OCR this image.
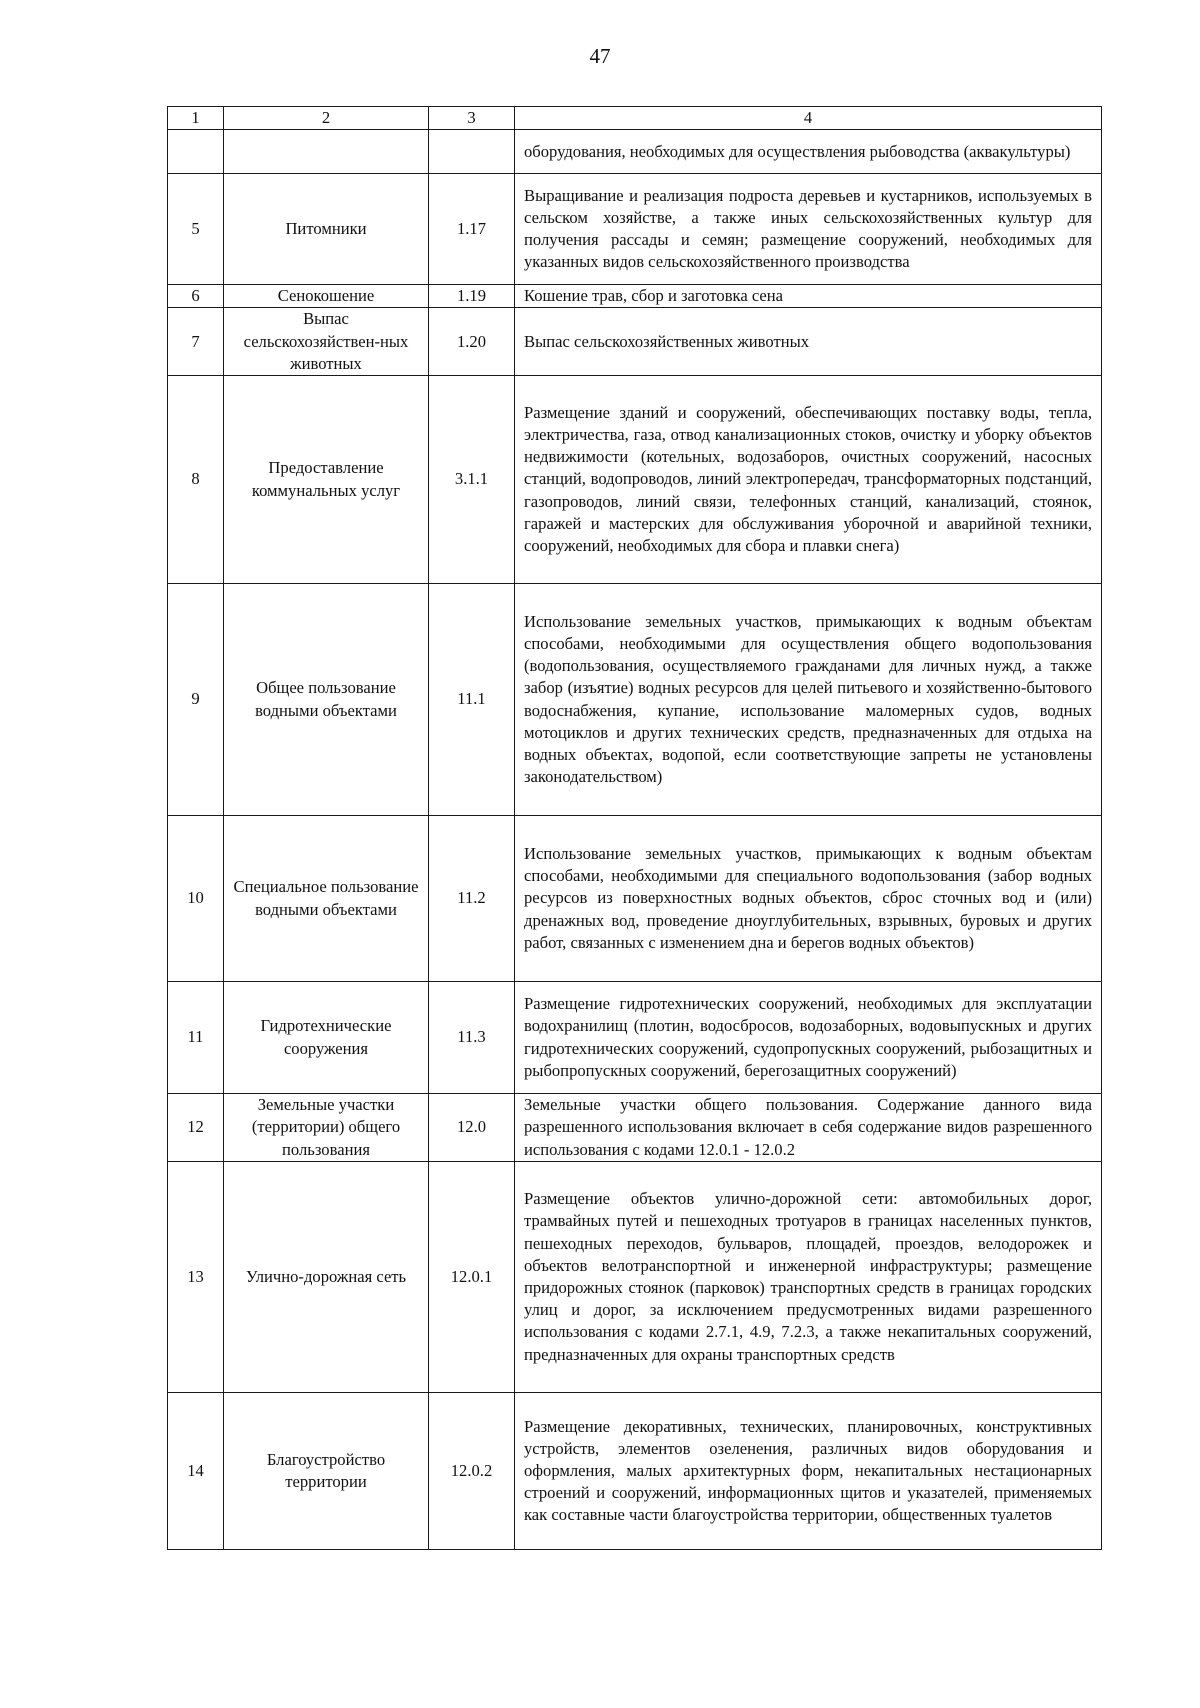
47
1	2	3	4
			оборудования, необходимых для осуществления рыбоводства (аквакультуры)
5	Питомники	1.17	Выращивание и реализация подроста деревьев и кустарников, используемых в сельском хозяйстве, а также иных сельскохозяйственных культур для получения рассады и семян; размещение сооружений, необходимых для указанных видов сельскохозяйственного производства
6	Сенокошение	1.19	Кошение трав, сбор и заготовка сена
7	Выпас сельскохозяйствен-ных животных	1.20	Выпас сельскохозяйственных животных
8	Предоставление коммунальных услуг	3.1.1	Размещение зданий и сооружений, обеспечивающих поставку воды, тепла, электричества, газа, отвод канализационных стоков, очистку и уборку объектов недвижимости (котельных, водозаборов, очистных сооружений, насосных станций, водопроводов, линий электропередач, трансформаторных подстанций, газопроводов, линий связи, телефонных станций, канализаций, стоянок, гаражей и мастерских для обслуживания уборочной и аварийной техники, сооружений, необходимых для сбора и плавки снега)
9	Общее пользование водными объектами	11.1	Использование земельных участков, примыкающих к водным объектам способами, необходимыми для осуществления общего водопользования (водопользования, осуществляемого гражданами для личных нужд, а также забор (изъятие) водных ресурсов для целей питьевого и хозяйственно-бытового водоснабжения, купание, использование маломерных судов, водных мотоциклов и других технических средств, предназначенных для отдыха на водных объектах, водопой, если соответствующие запреты не установлены законодательством)
10	Специальное пользование водными объектами	11.2	Использование земельных участков, примыкающих к водным объектам способами, необходимыми для специального водопользования (забор водных ресурсов из поверхностных водных объектов, сброс сточных вод и (или) дренажных вод, проведение дноуглубительных, взрывных, буровых и других работ, связанных с изменением дна и берегов водных объектов)
11	Гидротехнические сооружения	11.3	Размещение гидротехнических сооружений, необходимых для эксплуатации водохранилищ (плотин, водосбросов, водозаборных, водовыпускных и других гидротехнических сооружений, судопропускных сооружений, рыбозащитных и рыбопропускных сооружений, берегозащитных сооружений)
12	Земельные участки (территории) общего пользования	12.0	Земельные участки общего пользования. Содержание данного вида разрешенного использования включает в себя содержание видов разрешенного использования с кодами 12.0.1 - 12.0.2
13	Улично-дорожная сеть	12.0.1	Размещение объектов улично-дорожной сети: автомобильных дорог, трамвайных путей и пешеходных тротуаров в границах населенных пунктов, пешеходных переходов, бульваров, площадей, проездов, велодорожек и объектов велотранспортной и инженерной инфраструктуры; размещение придорожных стоянок (парковок) транспортных средств в границах городских улиц и дорог, за исключением предусмотренных видами разрешенного использования с кодами 2.7.1, 4.9, 7.2.3, а также некапитальных сооружений, предназначенных для охраны транспортных средств
14	Благоустройство территории	12.0.2	Размещение декоративных, технических, планировочных, конструктивных устройств, элементов озеленения, различных видов оборудования и оформления, малых архитектурных форм, некапитальных нестационарных строений и сооружений, информационных щитов и указателей, применяемых как составные части благоустройства территории, общественных туалетов
